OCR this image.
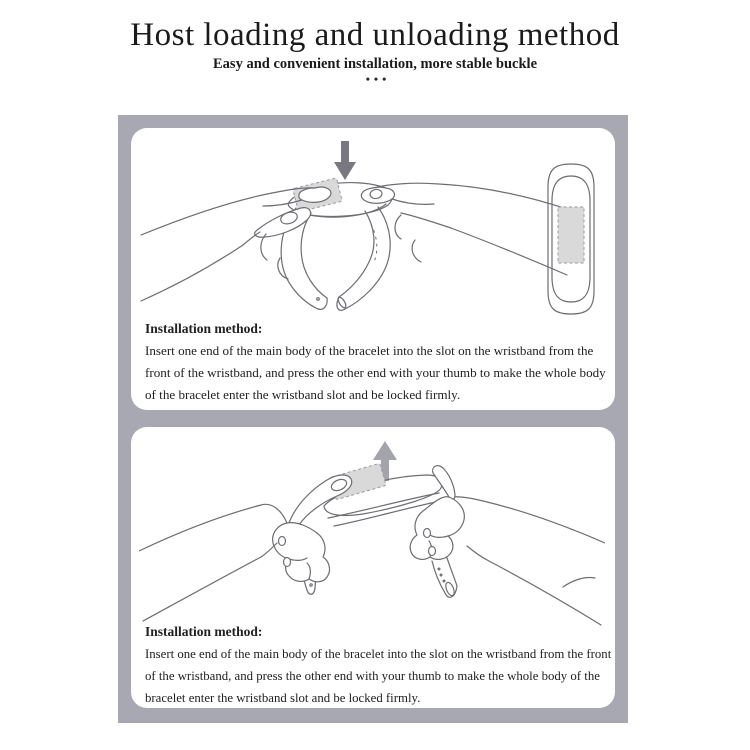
Host loading and unloading method

Easy and convenient installation, more stable buckle

•••

Installation method:

Insert one end of the main body of the bracelet into the slot on the wristband from the front of the wristband, and press the other end with your thumb to make the whole body of the bracelet enter the wristband slot and be locked firmly.

Installation method:

Insert one end of the main body of the bracelet into the slot on the wristband from the front of the wristband, and press the other end with your thumb to make the whole body of the bracelet enter the wristband slot and be locked firmly.
